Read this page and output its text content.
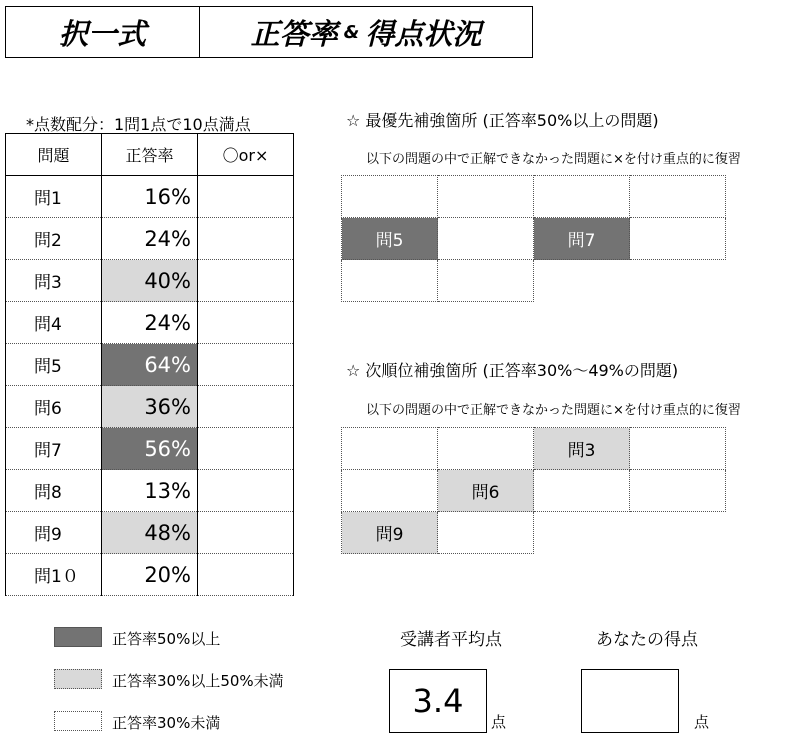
択一式	正答率 & 得点状況
*点数配分：1問1点で10点満点
問題	正答率	〇or×
問1	16%	
問2	24%	
問3	40%	
問4	24%	
問5	64%	
問6	36%	
問7	56%	
問8	13%	
問9	48%	
問1０	20%	
☆ 最優先補強箇所 (正答率50%以上の問題)
以下の問題の中で正解できなかった問題に×を付け重点的に復習

問5		問7	

☆ 次順位補強箇所 (正答率30%～49%の問題)
以下の問題の中で正解できなかった問題に×を付け重点的に復習
		問3	
	問6		
問9			
正答率50%以上
正答率30%以上50%未満
正答率30%未満
受講者平均点
3.4
点
あなたの得点
点
